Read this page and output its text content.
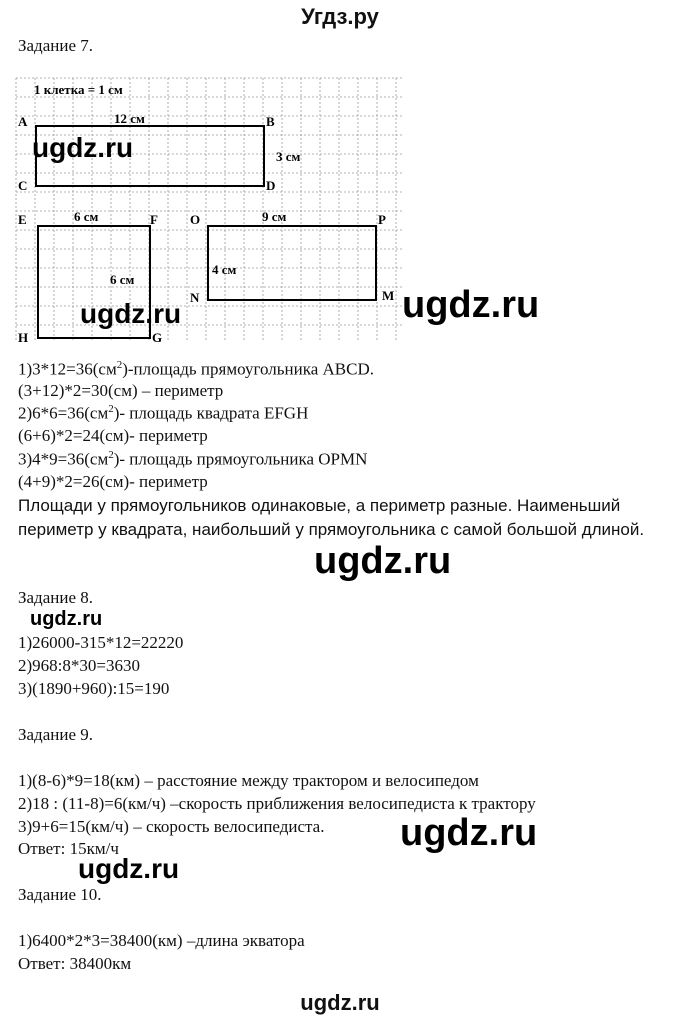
Угдз.ру
Задание 7.
1 клетка = 1 см
A	B
C	D
12 см
3 см
E	F
H	G
6 см
6 см
O	P
N	M
9 см
4 см
$1)3*12=36(см^2)$-площадь прямоугольника ABCD.
(3+12)*2=30(см) – периметр
$2)6*6=36(см^2)-$ площадь квадрата EFGH
(6+6)*2=24(см)- периметр
$3)4*9=36(см^2)-$ площадь прямоугольника OPMN
(4+9)*2=26(см)- периметр
Площади у прямоугольников одинаковые, а периметр разные. Наименьший периметр у квадрата, наибольший у прямоугольника с самой большой длиной.
Задание 8.
1)26000-315*12=22220
2)968:8*30=3630
3)(1890+960):15=190
Задание 9.
1)(8-6)*9=18(км) – расстояние между трактором и велосипедом
2)18 : (11-8)=6(км/ч) –скорость приближения велосипедиста к трактору
3)9+6=15(км/ч) – скорость велосипедиста.
Ответ: 15км/ч
Задание 10.
1)6400*2*3=38400(км) –длина экватора
Ответ: 38400км
ugdz.ru
ugdz.ru	ugdz.ru
ugdz.ru
ugdz.ru
ugdz.ru
ugdz.ru
ugdz.ru
